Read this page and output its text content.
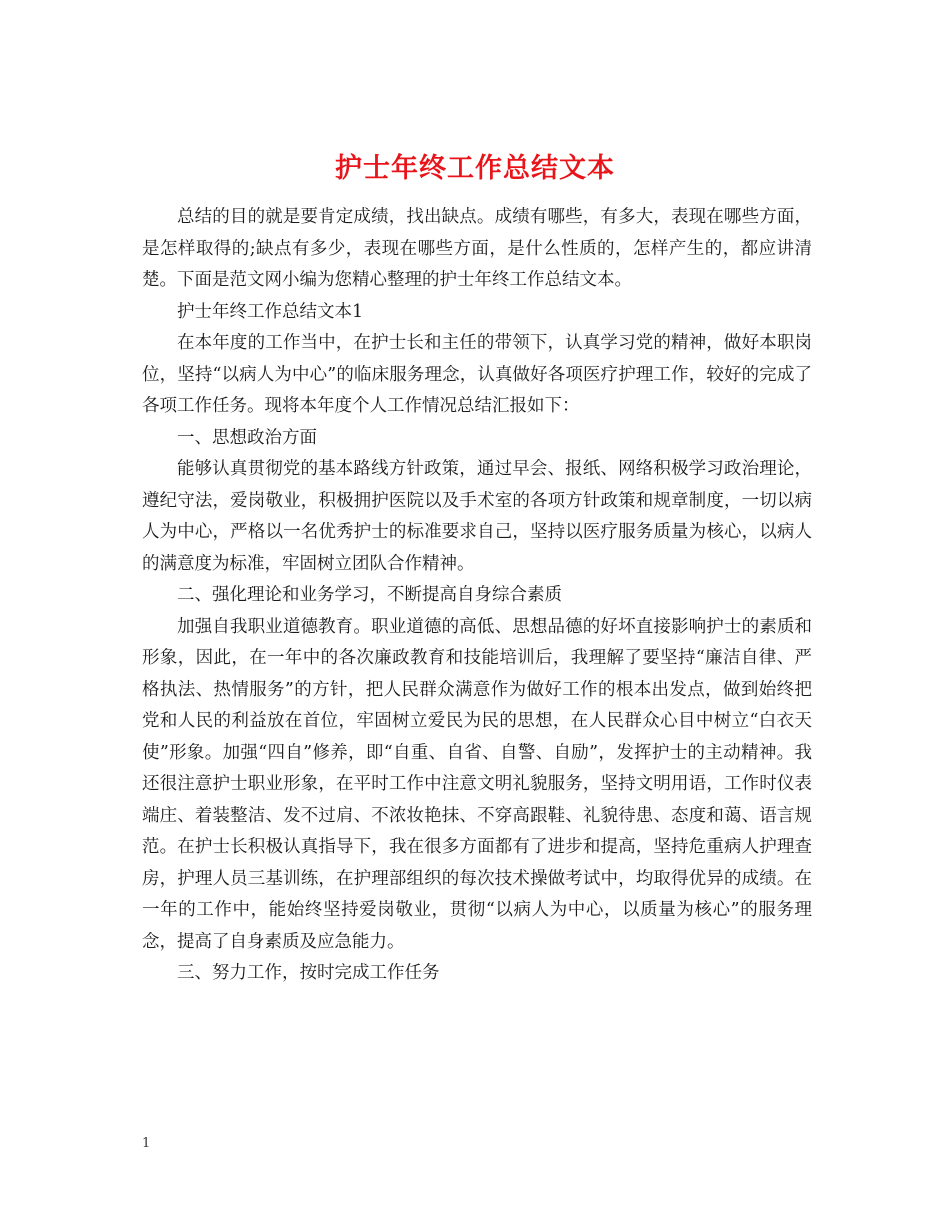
护士年终工作总结文本

总结的目的就是要肯定成绩，找出缺点。成绩有哪些，有多大，表现在哪些方面，是怎样取得的;缺点有多少，表现在哪些方面，是什么性质的，怎样产生的，都应讲清楚。下面是范文网小编为您精心整理的护士年终工作总结文本。

护士年终工作总结文本1

在本年度的工作当中，在护士长和主任的带领下，认真学习党的精神，做好本职岗位，坚持“以病人为中心”的临床服务理念，认真做好各项医疗护理工作，较好的完成了各项工作任务。现将本年度个人工作情况总结汇报如下：

一、思想政治方面

能够认真贯彻党的基本路线方针政策，通过早会、报纸、网络积极学习政治理论，遵纪守法，爱岗敬业，积极拥护医院以及手术室的各项方针政策和规章制度，一切以病人为中心，严格以一名优秀护士的标准要求自己，坚持以医疗服务质量为核心，以病人的满意度为标准，牢固树立团队合作精神。

二、强化理论和业务学习，不断提高自身综合素质

加强自我职业道德教育。职业道德的高低、思想品德的好坏直接影响护士的素质和形象，因此，在一年中的各次廉政教育和技能培训后，我理解了要坚持“廉洁自律、严格执法、热情服务”的方针，把人民群众满意作为做好工作的根本出发点，做到始终把党和人民的利益放在首位，牢固树立爱民为民的思想，在人民群众心目中树立“白衣天使”形象。加强“四自”修养，即“自重、自省、自警、自励”，发挥护士的主动精神。我还很注意护士职业形象，在平时工作中注意文明礼貌服务，坚持文明用语，工作时仪表端庄、着装整洁、发不过肩、不浓妆艳抹、不穿高跟鞋、礼貌待患、态度和蔼、语言规范。在护士长积极认真指导下，我在很多方面都有了进步和提高，坚持危重病人护理查房，护理人员三基训练，在护理部组织的每次技术操做考试中，均取得优异的成绩。在一年的工作中，能始终坚持爱岗敬业，贯彻“以病人为中心，以质量为核心”的服务理念，提高了自身素质及应急能力。

三、努力工作，按时完成工作任务

1
